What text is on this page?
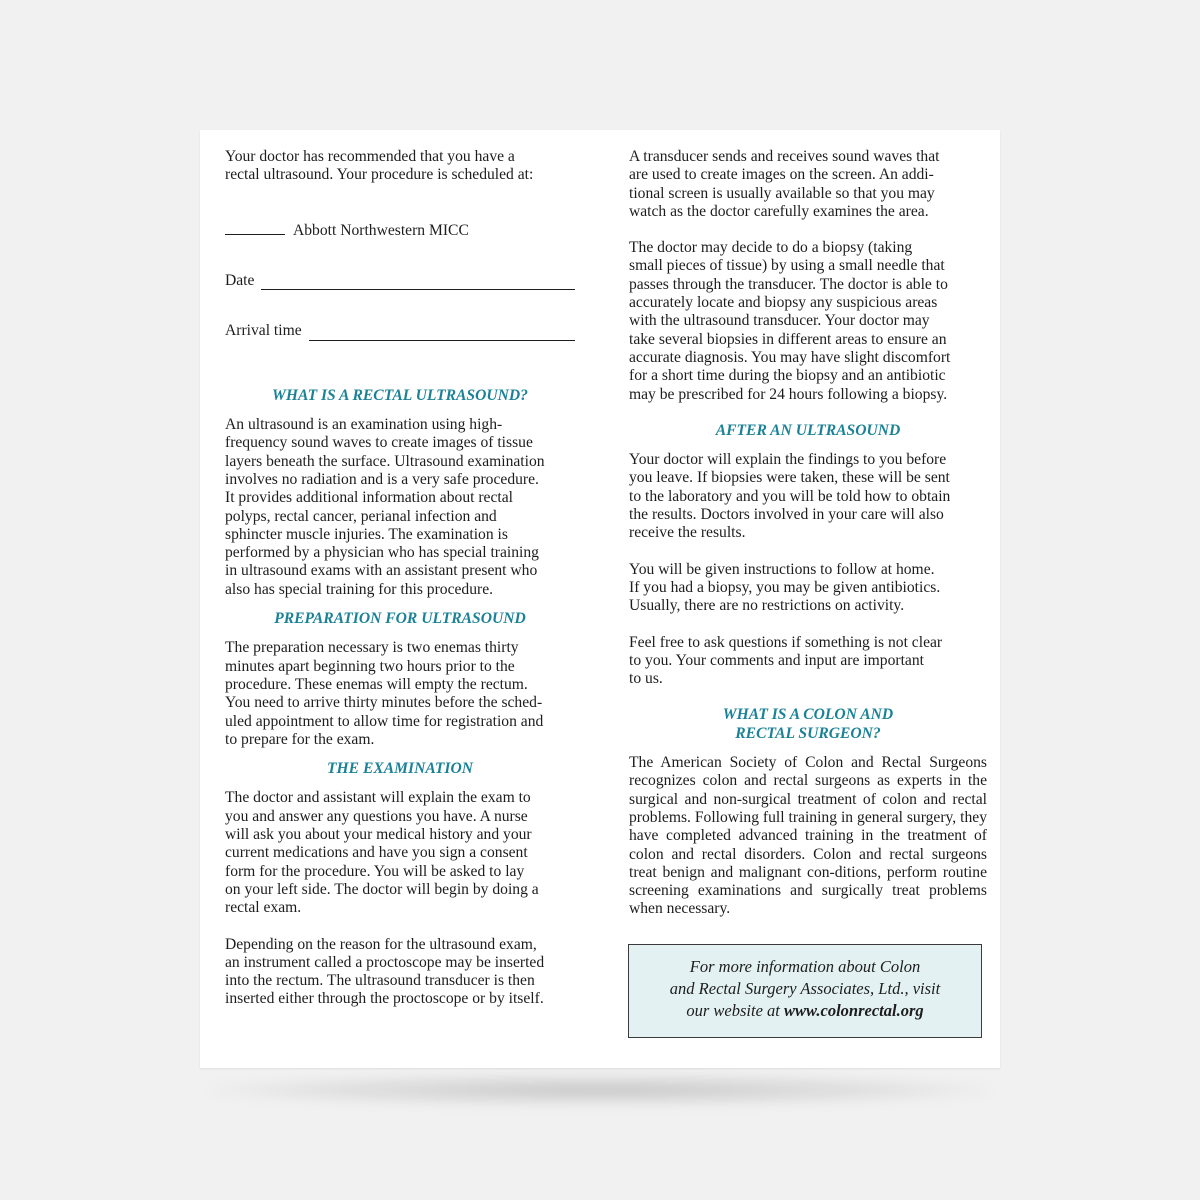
Your doctor has recommended that you have a
rectal ultrasound. Your procedure is scheduled at:

Abbott Northwestern MICC

Date
Arrival time

WHAT IS A RECTAL ULTRASOUND?

An ultrasound is an examination using high-
frequency sound waves to create images of tissue
layers beneath the surface. Ultrasound examination
involves no radiation and is a very safe procedure.
It provides additional information about rectal
polyps, rectal cancer, perianal infection and
sphincter muscle injuries. The examination is
performed by a physician who has special training
in ultrasound exams with an assistant present who
also has special training for this procedure.

PREPARATION FOR ULTRASOUND

The preparation necessary is two enemas thirty
minutes apart beginning two hours prior to the
procedure. These enemas will empty the rectum.
You need to arrive thirty minutes before the sched-
uled appointment to allow time for registration and
to prepare for the exam.

THE EXAMINATION

The doctor and assistant will explain the exam to
you and answer any questions you have. A nurse
will ask you about your medical history and your
current medications and have you sign a consent
form for the procedure. You will be asked to lay
on your left side. The doctor will begin by doing a
rectal exam.

Depending on the reason for the ultrasound exam,
an instrument called a proctoscope may be inserted
into the rectum. The ultrasound transducer is then
inserted either through the proctoscope or by itself.

A transducer sends and receives sound waves that
are used to create images on the screen. An addi-
tional screen is usually available so that you may
watch as the doctor carefully examines the area.

The doctor may decide to do a biopsy (taking
small pieces of tissue) by using a small needle that
passes through the transducer. The doctor is able to
accurately locate and biopsy any suspicious areas
with the ultrasound transducer. Your doctor may
take several biopsies in different areas to ensure an
accurate diagnosis. You may have slight discomfort
for a short time during the biopsy and an antibiotic
may be prescribed for 24 hours following a biopsy.

AFTER AN ULTRASOUND

Your doctor will explain the findings to you before
you leave. If biopsies were taken, these will be sent
to the laboratory and you will be told how to obtain
the results. Doctors involved in your care will also
receive the results.

You will be given instructions to follow at home.
If you had a biopsy, you may be given antibiotics.
Usually, there are no restrictions on activity.

Feel free to ask questions if something is not clear
to you. Your comments and input are important
to us.

WHAT IS A COLON AND
RECTAL SURGEON?

The American Society of Colon and Rectal Surgeons recognizes colon and rectal surgeons as experts in the surgical and non-surgical treatment of colon and rectal problems. Following full training in general surgery, they have completed advanced training in the treatment of colon and rectal disorders. Colon and rectal surgeons treat benign and malignant con-ditions, perform routine screening examinations and surgically treat problems when necessary.

For more information about Colon
and Rectal Surgery Associates, Ltd., visit
our website at www.colonrectal.org
